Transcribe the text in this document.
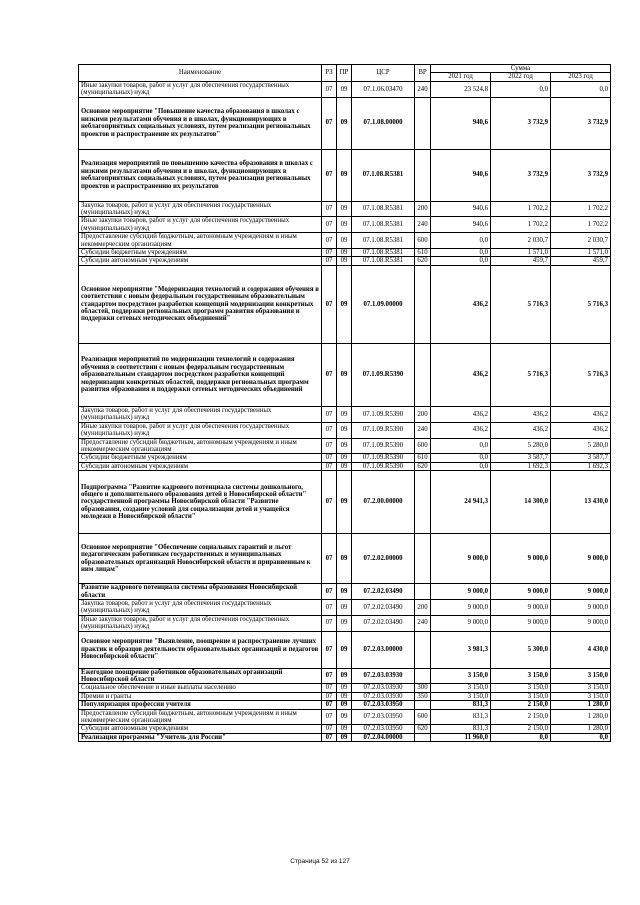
Наименование	РЗ	ПР	ЦСР	ВР	Сумма		
					2021 год	2022 год	2023 год
Иные закупки товаров, работ и услуг для обеспечения государственных (муниципальных) нужд	07	09	07.1.06.03470	240	23 524,8	0,0	0,0
Основное мероприятие "Повышение качества образования в школах с низкими результатами обучения и в школах, функционирующих в неблагоприятных социальных условиях, путем реализации региональных проектов и распространение их результатов"	07	09	07.1.08.00000		940,6	3 732,9	3 732,9
Реализация мероприятий по повышению качества образования в школах с низкими результатами обучения и в школах, функционирующих в неблагоприятных социальных условиях, путем реализации региональных проектов и распространению их результатов	07	09	07.1.08.R5381		940,6	3 732,9	3 732,9
Закупка товаров, работ и услуг для обеспечения государственных (муниципальных) нужд	07	09	07.1.08.R5381	200	940,6	1 702,2	1 702,2
Иные закупки товаров, работ и услуг для обеспечения государственных (муниципальных) нужд	07	09	07.1.08.R5381	240	940,6	1 702,2	1 702,2
Предоставление субсидий бюджетным, автономным учреждениям и иным некоммерческим организациям	07	09	07.1.08.R5381	600	0,0	2 030,7	2 030,7
Субсидии бюджетным учреждениям	07	09	07.1.08.R5381	610	0,0	1 571,0	1 571,0
Субсидии автономным учреждениям	07	09	07.1.08.R5381	620	0,0	459,7	459,7
Основное мероприятие "Модернизация технологий и содержания обучения в соответствии с новым федеральным государственным образовательным стандартом посредством разработки концепций модернизации конкретных областей, поддержки региональных программ развития образования и поддержки сетевых методических объединений"	07	09	07.1.09.00000		436,2	5 716,3	5 716,3
Реализация мероприятий по модернизации технологий и содержания обучения в соответствии с новым федеральным государственным образовательным стандартом посредством разработки концепций модернизации конкретных областей, поддержки региональных программ развития образования и поддержки сетевых методических объединений	07	09	07.1.09.R5390		436,2	5 716,3	5 716,3
Закупка товаров, работ и услуг для обеспечения государственных (муниципальных) нужд	07	09	07.1.09.R5390	200	436,2	436,2	436,2
Иные закупки товаров, работ и услуг для обеспечения государственных (муниципальных) нужд	07	09	07.1.09.R5390	240	436,2	436,2	436,2
Предоставление субсидий бюджетным, автономным учреждениям и иным некоммерческим организациям	07	09	07.1.09.R5390	600	0,0	5 280,0	5 280,0
Субсидии бюджетным учреждениям	07	09	07.1.09.R5390	610	0,0	3 587,7	3 587,7
Субсидии автономным учреждениям	07	09	07.1.09.R5390	620	0,0	1 692,3	1 692,3
Подпрограмма "Развитие кадрового потенциала системы дошкольного, общего и дополнительного образования детей в Новосибирской области" государственной программы Новосибирской области "Развитие образования, создание условий для социализации детей и учащейся молодежи в Новосибирской области"	07	09	07.2.00.00000		24 941,3	14 300,0	13 430,0
Основное мероприятие "Обеспечение социальных гарантий и льгот педагогическим работникам государственных и муниципальных образовательных организаций Новосибирской области и приравненным к ним лицам"	07	09	07.2.02.00000		9 000,0	9 000,0	9 000,0
Развитие кадрового потенциала системы образования Новосибирской области	07	09	07.2.02.03490		9 000,0	9 000,0	9 000,0
Закупка товаров, работ и услуг для обеспечения государственных (муниципальных) нужд	07	09	07.2.02.03490	200	9 000,0	9 000,0	9 000,0
Иные закупки товаров, работ и услуг для обеспечения государственных (муниципальных) нужд	07	09	07.2.02.03490	240	9 000,0	9 000,0	9 000,0
Основное мероприятие "Выявление, поощрение и распространение лучших практик и образцов деятельности образовательных организаций и педагогов Новосибирской области"	07	09	07.2.03.00000		3 981,3	5 300,0	4 430,0
Ежегодное поощрение работников образовательных организаций Новосибирской области	07	09	07.2.03.03930		3 150,0	3 150,0	3 150,0
Социальное обеспечение и иные выплаты населению	07	09	07.2.03.03930	300	3 150,0	3 150,0	3 150,0
Премии и гранты	07	09	07.2.03.03930	350	3 150,0	3 150,0	3 150,0
Популяризация профессии учителя	07	09	07.2.03.03950		831,3	2 150,0	1 280,0
Предоставление субсидий бюджетным, автономным учреждениям и иным некоммерческим организациям	07	09	07.2.03.03950	600	831,3	2 150,0	1 280,0
Субсидии автономным учреждениям	07	09	07.2.03.03950	620	831,3	2 150,0	1 280,0
Реализация программы "Учитель для России"	07	09	07.2.04.00000		11 960,0	0,0	0,0
Страница 52 из 127
